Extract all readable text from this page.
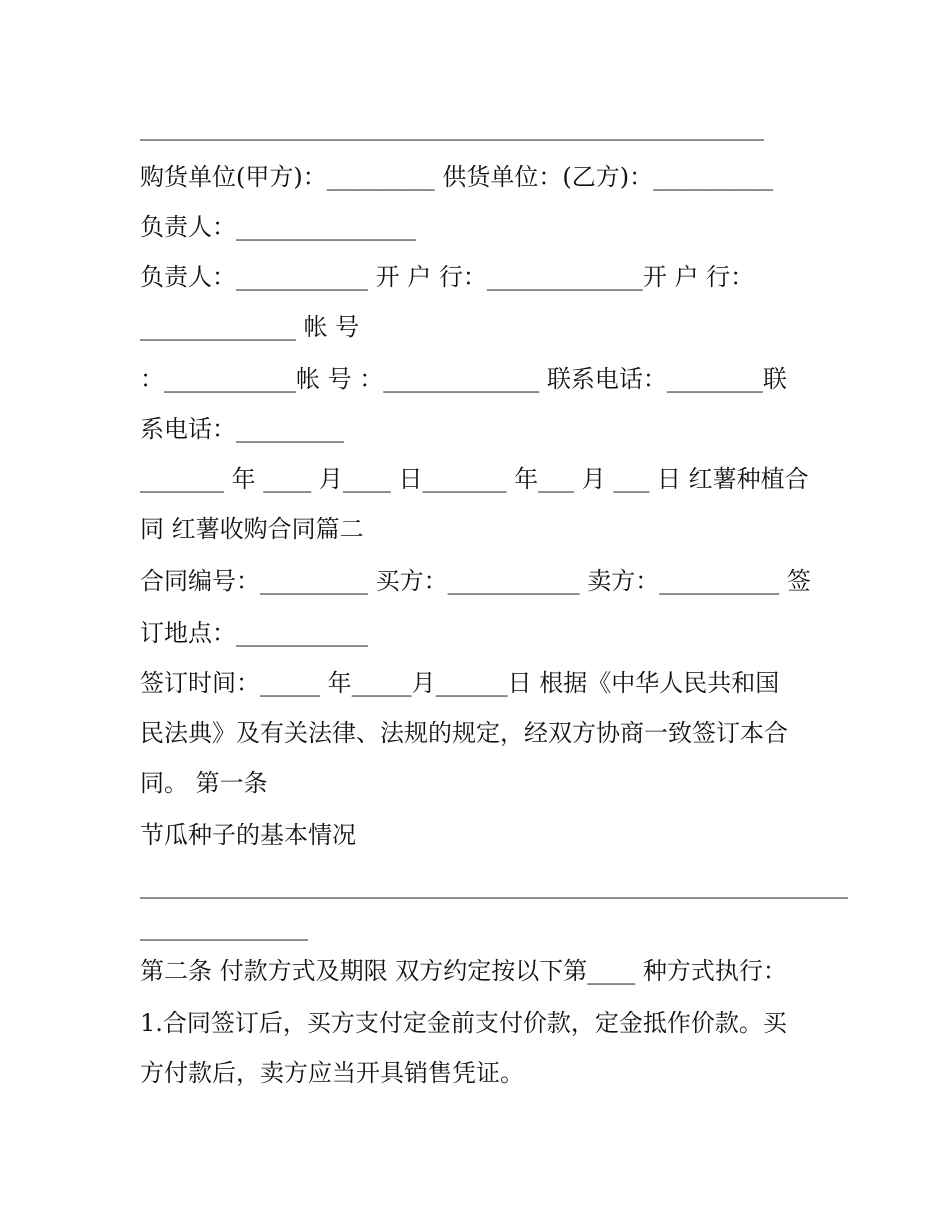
____________________________________________________
购货单位(甲方)：_________ 供货单位：(乙方)：__________
负责人：_______________
负责人：___________ 开 户 行：_____________开 户 行：
_____________ 帐 号
：___________帐 号 ：_____________ 联系电话：________联
系电话：_________
_______ 年 ____ 月____ 日_______ 年___ 月 ___ 日 红薯种植合
同 红薯收购合同篇二
合同编号：_________ 买方：___________ 卖方：__________ 签
订地点：___________
签订时间：_____ 年_____月______日 根据《中华人民共和国
民法典》及有关法律、法规的规定，经双方协商一致签订本合
同。 第一条
节瓜种子的基本情况
___________________________________________________________
______________
第二条 付款方式及期限 双方约定按以下第____ 种方式执行：
1.合同签订后，买方支付定金前支付价款，定金抵作价款。买
方付款后，卖方应当开具销售凭证。
